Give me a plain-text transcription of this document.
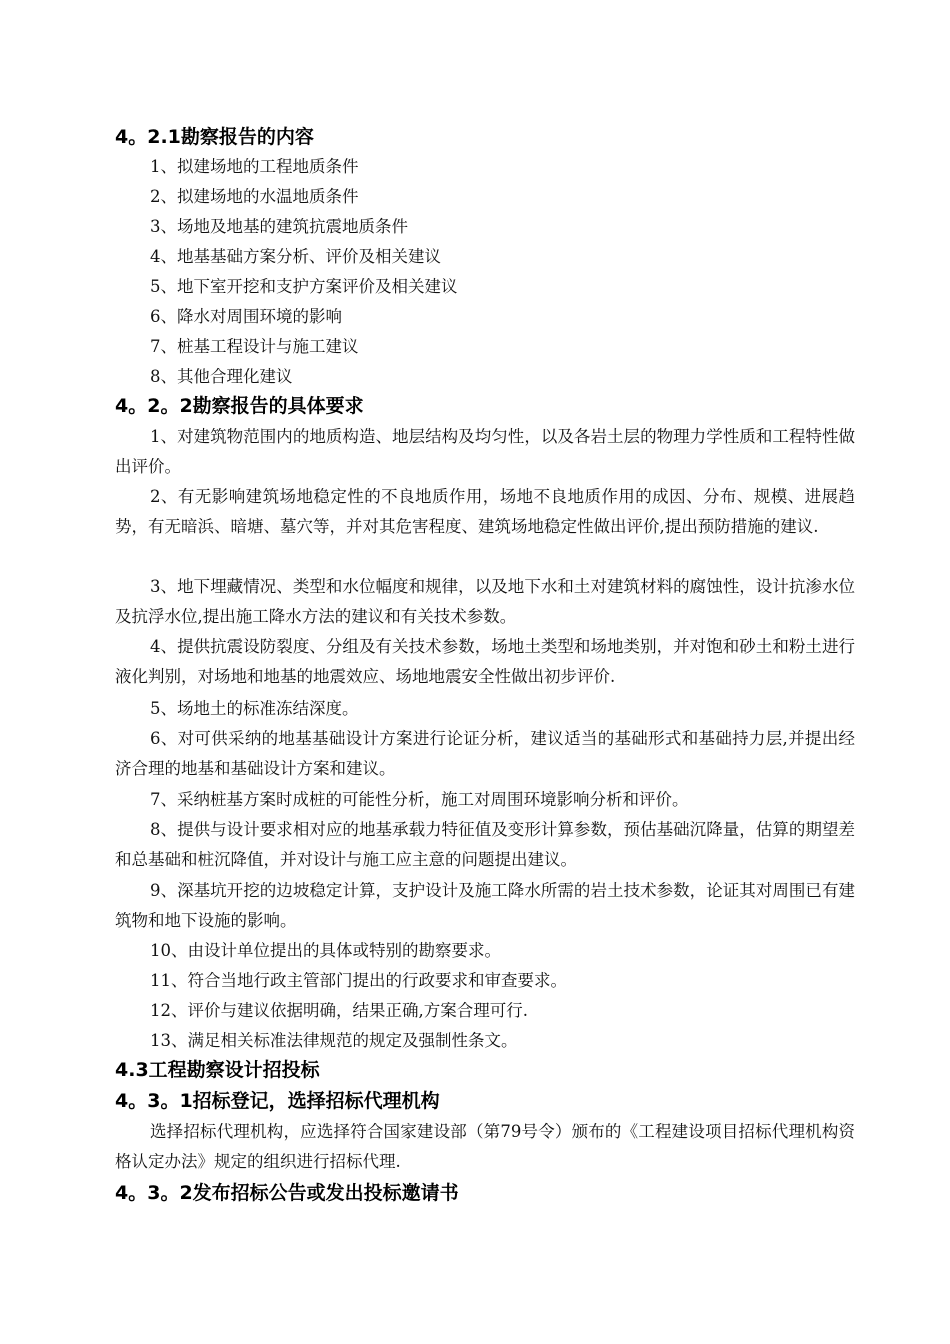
4。2.1勘察报告的内容
1、拟建场地的工程地质条件
2、拟建场地的水温地质条件
3、场地及地基的建筑抗震地质条件
4、地基基础方案分析、评价及相关建议
5、地下室开挖和支护方案评价及相关建议
6、降水对周围环境的影响
7、桩基工程设计与施工建议
8、其他合理化建议
4。2。2勘察报告的具体要求
1、对建筑物范围内的地质构造、地层结构及均匀性，以及各岩土层的物理力学性质和工程特性做出评价。
2、有无影响建筑场地稳定性的不良地质作用，场地不良地质作用的成因、分布、规模、进展趋势，有无暗浜、暗塘、墓穴等，并对其危害程度、建筑场地稳定性做出评价,提出预防措施的建议.
3、地下埋藏情况、类型和水位幅度和规律，以及地下水和土对建筑材料的腐蚀性，设计抗渗水位及抗浮水位,提出施工降水方法的建议和有关技术参数。
4、提供抗震设防裂度、分组及有关技术参数，场地土类型和场地类别，并对饱和砂土和粉土进行液化判别，对场地和地基的地震效应、场地地震安全性做出初步评价.
5、场地土的标准冻结深度。
6、对可供采纳的地基基础设计方案进行论证分析，建议适当的基础形式和基础持力层,并提出经济合理的地基和基础设计方案和建议。
7、采纳桩基方案时成桩的可能性分析，施工对周围环境影响分析和评价。
8、提供与设计要求相对应的地基承载力特征值及变形计算参数，预估基础沉降量，估算的期望差和总基础和桩沉降值，并对设计与施工应主意的问题提出建议。
9、深基坑开挖的边坡稳定计算，支护设计及施工降水所需的岩土技术参数，论证其对周围已有建筑物和地下设施的影响。
10、由设计单位提出的具体或特别的勘察要求。
11、符合当地行政主管部门提出的行政要求和审查要求。
12、评价与建议依据明确，结果正确,方案合理可行.
13、满足相关标准法律规范的规定及强制性条文。
4.3工程勘察设计招投标
4。3。1招标登记，选择招标代理机构
选择招标代理机构，应选择符合国家建设部（第79号令）颁布的《工程建设项目招标代理机构资格认定办法》规定的组织进行招标代理.
4。3。2发布招标公告或发出投标邀请书
